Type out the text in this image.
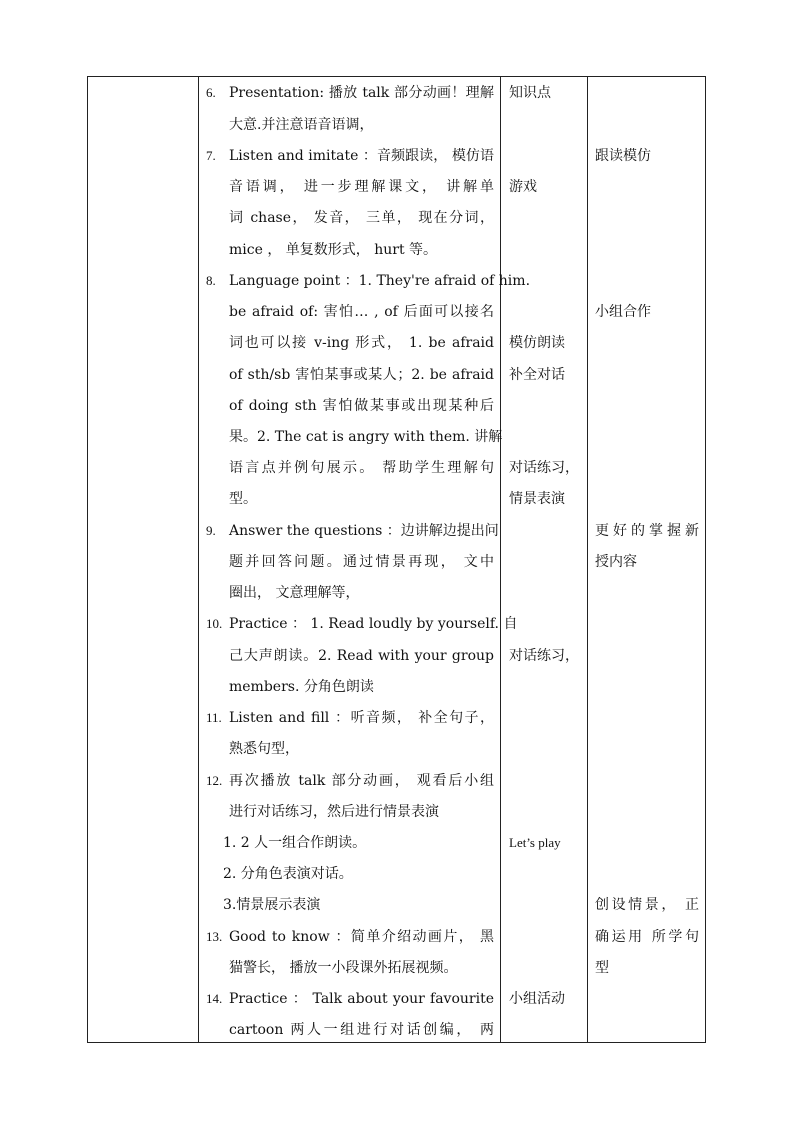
6. Presentation: 播放 talk 部分动画！理解
大意.并注意语音语调，
7. Listen and imitate ：音频跟读， 模仿语
音语调， 进一步理解课文， 讲解单
词 chase， 发音， 三单， 现在分词，
mice ， 单复数形式， hurt 等。
8. Language point ：1. They're afraid of him.
be afraid of: 害怕… , of 后面可以接名
词也可以接 v-ing 形式， 1. be afraid
of sth/sb 害怕某事或某人；2. be afraid
of doing sth 害怕做某事或出现某种后
果。2. The cat is angry with them. 讲解
语言点并例句展示。 帮助学生理解句
型。
9. Answer the questions ：边讲解边提出问
题并回答问题。通过情景再现， 文中
圈出， 文意理解等，
10. Practice ： 1. Read loudly by yourself. 自
己大声朗读。2. Read with your group
members. 分角色朗读
11. Listen and fill ：听音频， 补全句子，
熟悉句型，
12. 再次播放 talk 部分动画， 观看后小组
进行对话练习，然后进行情景表演
1. 2 人一组合作朗读。
2. 分角色表演对话。
3.情景展示表演
13. Good to know ：简单介绍动画片， 黑
猫警长， 播放一小段课外拓展视频。
14. Practice ： Talk about your favourite
cartoon 两人一组进行对话创编， 两
知识点
游戏
模仿朗读
补全对话
对话练习，
情景表演
对话练习，
Let’s play
小组活动
跟读模仿
小组合作
更好的掌握新
授内容
创设情景， 正
确运用 所学句
型
